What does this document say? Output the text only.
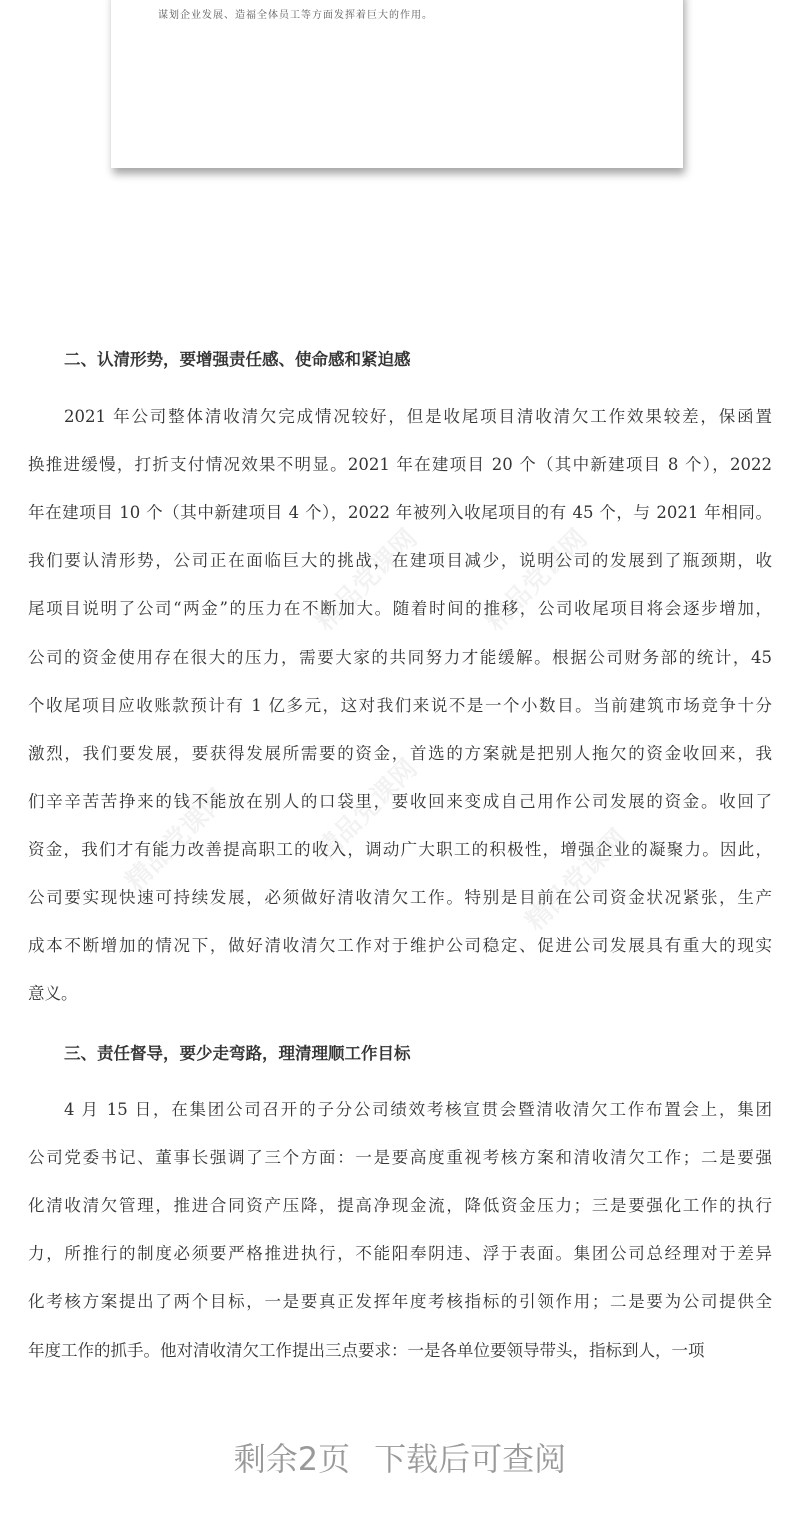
谋划企业发展、造福全体员工等方面发挥着巨大的作用。
精品党课网 精品党课网
精品党课网
精品党课网	精品党课网
二、认清形势，要增强责任感、使命感和紧迫感
2021 年公司整体清收清欠完成情况较好，但是收尾项目清收清欠工作效果较差，保函置
换推进缓慢，打折支付情况效果不明显。2021 年在建项目 20 个（其中新建项目 8 个），2022
年在建项目 10 个（其中新建项目 4 个），2022 年被列入收尾项目的有 45 个，与 2021 年相同。
我们要认清形势，公司正在面临巨大的挑战，在建项目减少，说明公司的发展到了瓶颈期，收
尾项目说明了公司“两金”的压力在不断加大。随着时间的推移，公司收尾项目将会逐步增加，
公司的资金使用存在很大的压力，需要大家的共同努力才能缓解。根据公司财务部的统计，45
个收尾项目应收账款预计有 1 亿多元，这对我们来说不是一个小数目。当前建筑市场竞争十分
激烈，我们要发展，要获得发展所需要的资金，首选的方案就是把别人拖欠的资金收回来，我
们辛辛苦苦挣来的钱不能放在别人的口袋里，要收回来变成自己用作公司发展的资金。收回了
资金，我们才有能力改善提高职工的收入，调动广大职工的积极性，增强企业的凝聚力。因此，
公司要实现快速可持续发展，必须做好清收清欠工作。特别是目前在公司资金状况紧张，生产
成本不断增加的情况下，做好清收清欠工作对于维护公司稳定、促进公司发展具有重大的现实
意义。
三、责任督导，要少走弯路，理清理顺工作目标
4 月 15 日，在集团公司召开的子分公司绩效考核宣贯会暨清收清欠工作布置会上，集团
公司党委书记、董事长强调了三个方面：一是要高度重视考核方案和清收清欠工作；二是要强
化清收清欠管理，推进合同资产压降，提高净现金流，降低资金压力；三是要强化工作的执行
力，所推行的制度必须要严格推进执行，不能阳奉阴违、浮于表面。集团公司总经理对于差异
化考核方案提出了两个目标，一是要真正发挥年度考核指标的引领作用；二是要为公司提供全
年度工作的抓手。他对清收清欠工作提出三点要求：一是各单位要领导带头，指标到人，一项
剩余2页 下载后可查阅
